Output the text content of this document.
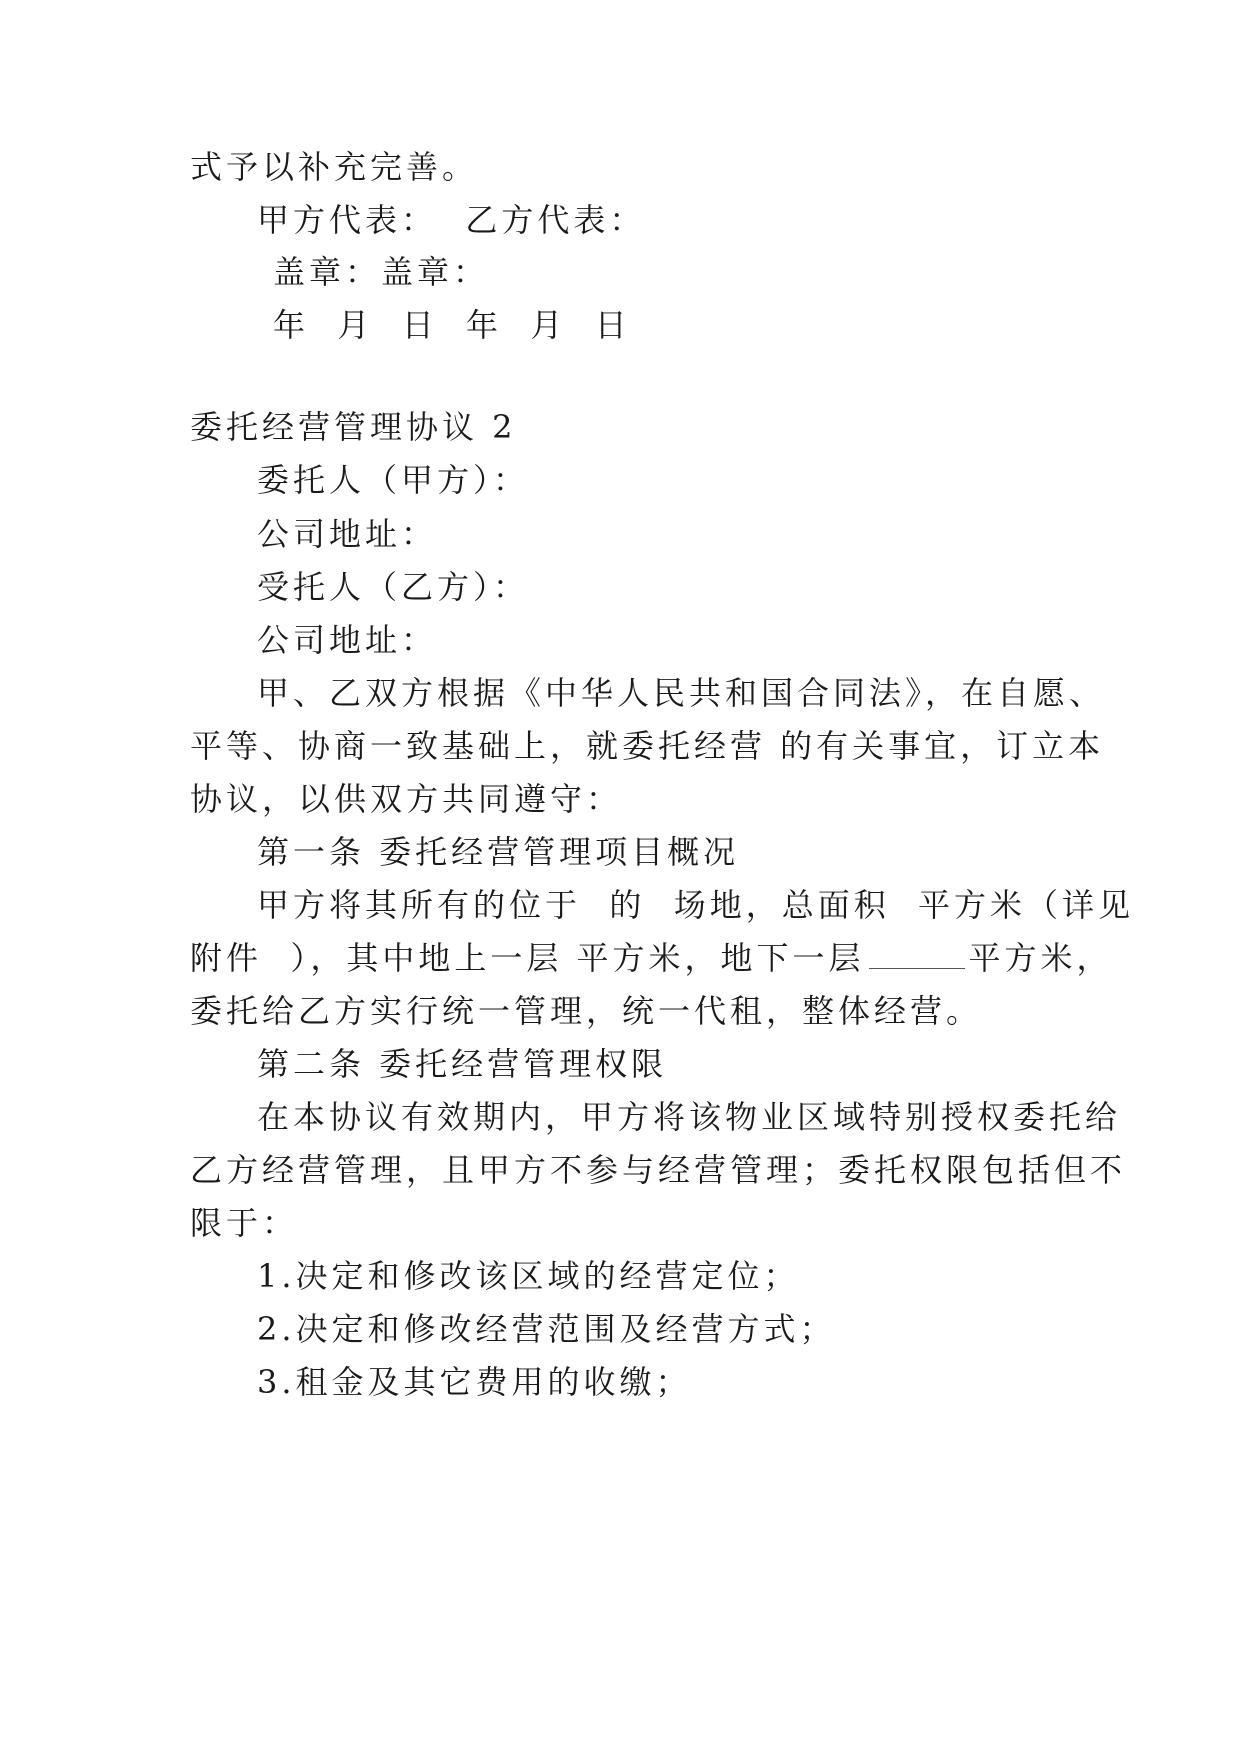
式予以补充完善。
甲方代表：  乙方代表：
盖章：盖章：
年  月  日  年  月  日
委托经营管理协议 2
委托人（甲方）：
公司地址：
受托人（乙方）：
公司地址：
甲、乙双方根据《中华人民共和国合同法》，在自愿、
平等、协商一致基础上，就委托经营 的有关事宜，订立本
协议，以供双方共同遵守：
第一条 委托经营管理项目概况
甲方将其所有的位于  的  场地，总面积  平方米（详见
附件  ），其中地上一层 平方米，地下一层	平方米，
委托给乙方实行统一管理，统一代租，整体经营。
第二条 委托经营管理权限
在本协议有效期内，甲方将该物业区域特别授权委托给
乙方经营管理，且甲方不参与经营管理；委托权限包括但不
限于：
1.决定和修改该区域的经营定位；
2.决定和修改经营范围及经营方式；
3.租金及其它费用的收缴；
